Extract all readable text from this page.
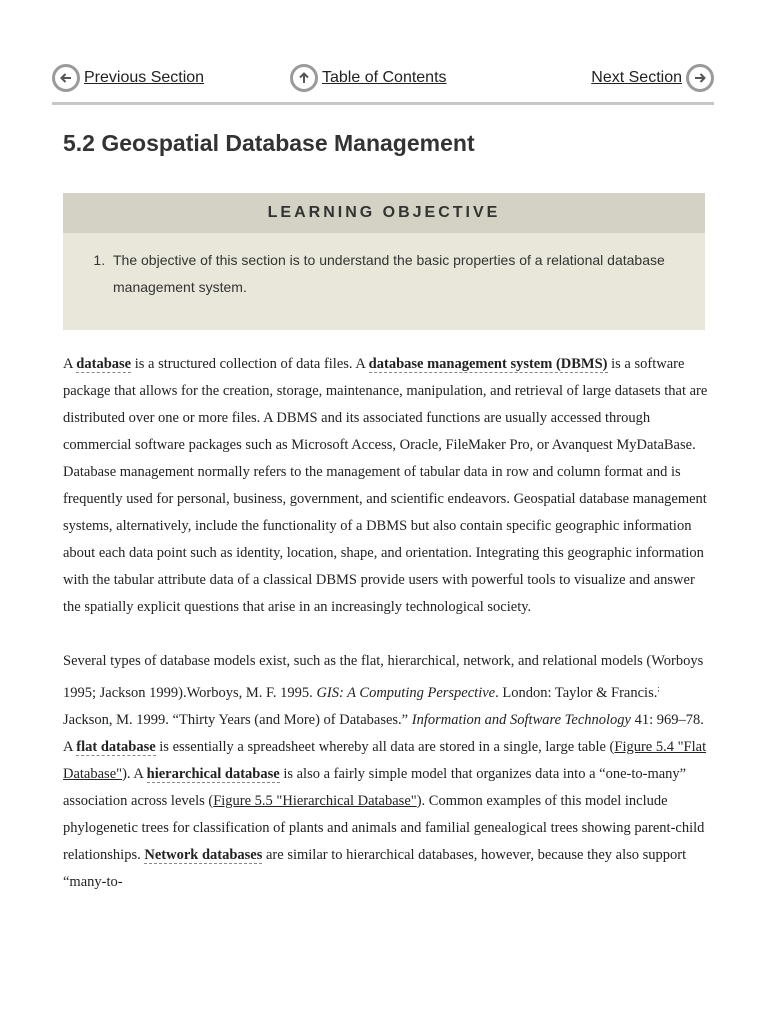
Previous Section	Table of Contents	Next Section
5.2 Geospatial Database Management
LEARNING OBJECTIVE
1. The objective of this section is to understand the basic properties of a relational database management system.

A database is a structured collection of data files. A database management system (DBMS) is a software package that allows for the creation, storage, maintenance, manipulation, and retrieval of large datasets that are distributed over one or more files. A DBMS and its associated functions are usually accessed through commercial software packages such as Microsoft Access, Oracle, FileMaker Pro, or Avanquest MyDataBase. Database management normally refers to the management of tabular data in row and column format and is frequently used for personal, business, government, and scientific endeavors. Geospatial database management systems, alternatively, include the functionality of a DBMS but also contain specific geographic information about each data point such as identity, location, shape, and orientation. Integrating this geographic information with the tabular attribute data of a classical DBMS provide users with powerful tools to visualize and answer the spatially explicit questions that arise in an increasingly technological society.

Several types of database models exist, such as the flat, hierarchical, network, and relational models (Worboys 1995; Jackson 1999).Worboys, M. F. 1995. GIS: A Computing Perspective. London: Taylor & Francis.; Jackson, M. 1999. “Thirty Years (and More) of Databases.” Information and Software Technology 41: 969–78. A flat database is essentially a spreadsheet whereby all data are stored in a single, large table (Figure 5.4 "Flat Database"). A hierarchical database is also a fairly simple model that organizes data into a “one-to-many” association across levels (Figure 5.5 "Hierarchical Database"). Common examples of this model include phylogenetic trees for classification of plants and animals and familial genealogical trees showing parent-child relationships. Network databases are similar to hierarchical databases, however, because they also support “many-to-
